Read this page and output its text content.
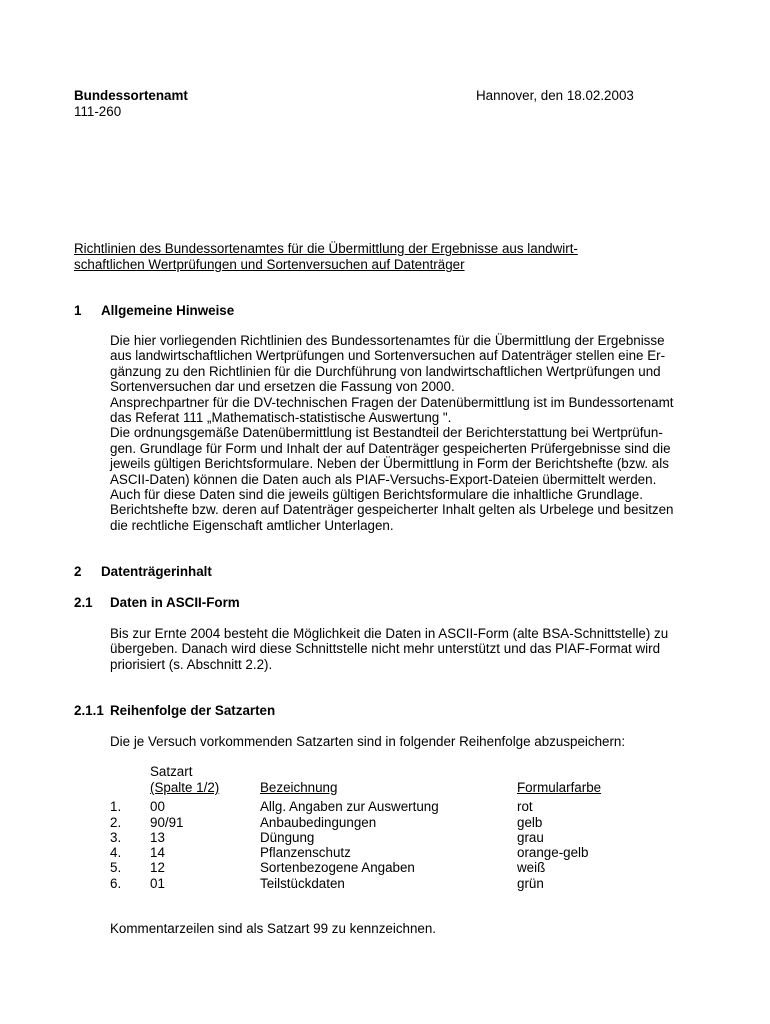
Bundessortenamt
111-260
Hannover, den 18.02.2003
Richtlinien des Bundessortenamtes für die Übermittlung der Ergebnisse aus landwirt-
schaftlichen Wertprüfungen und Sortenversuchen auf Datenträger
1 Allgemeine Hinweise
Die hier vorliegenden Richtlinien des Bundessortenamtes für die Übermittlung der Ergebnisse
aus landwirtschaftlichen Wertprüfungen und Sortenversuchen auf Datenträger stellen eine Er-
gänzung zu den Richtlinien für die Durchführung von landwirtschaftlichen Wertprüfungen und
Sortenversuchen dar und ersetzen die Fassung von 2000.
Ansprechpartner für die DV-technischen Fragen der Datenübermittlung ist im Bundessortenamt
das Referat 111 „Mathematisch-statistische Auswertung ".
Die ordnungsgemäße Datenübermittlung ist Bestandteil der Berichterstattung bei Wertprüfun-
gen. Grundlage für Form und Inhalt der auf Datenträger gespeicherten Prüfergebnisse sind die
jeweils gültigen Berichtsformulare. Neben der Übermittlung in Form der Berichtshefte (bzw. als
ASCII-Daten) können die Daten auch als PIAF-Versuchs-Export-Dateien übermittelt werden.
Auch für diese Daten sind die jeweils gültigen Berichtsformulare die inhaltliche Grundlage.
Berichtshefte bzw. deren auf Datenträger gespeicherter Inhalt gelten als Urbelege und besitzen
die rechtliche Eigenschaft amtlicher Unterlagen.
2 Datenträgerinhalt
2.1 Daten in ASCII-Form
Bis zur Ernte 2004 besteht die Möglichkeit die Daten in ASCII-Form (alte BSA-Schnittstelle) zu
übergeben. Danach wird diese Schnittstelle nicht mehr unterstützt und das PIAF-Format wird
priorisiert (s. Abschnitt 2.2).
2.1.1 Reihenfolge der Satzarten
Die je Versuch vorkommenden Satzarten sind in folgender Reihenfolge abzuspeichern:
Satzart
(Spalte 1/2)	Bezeichnung	Formularfarbe
1. 00	Allg. Angaben zur Auswertung	rot
2. 90/91	Anbaubedingungen	gelb
3. 13	Düngung	grau
4. 14	Pflanzenschutz	orange-gelb
5. 12	Sortenbezogene Angaben	weiß
6. 01	Teilstückdaten	grün
Kommentarzeilen sind als Satzart 99 zu kennzeichnen.
